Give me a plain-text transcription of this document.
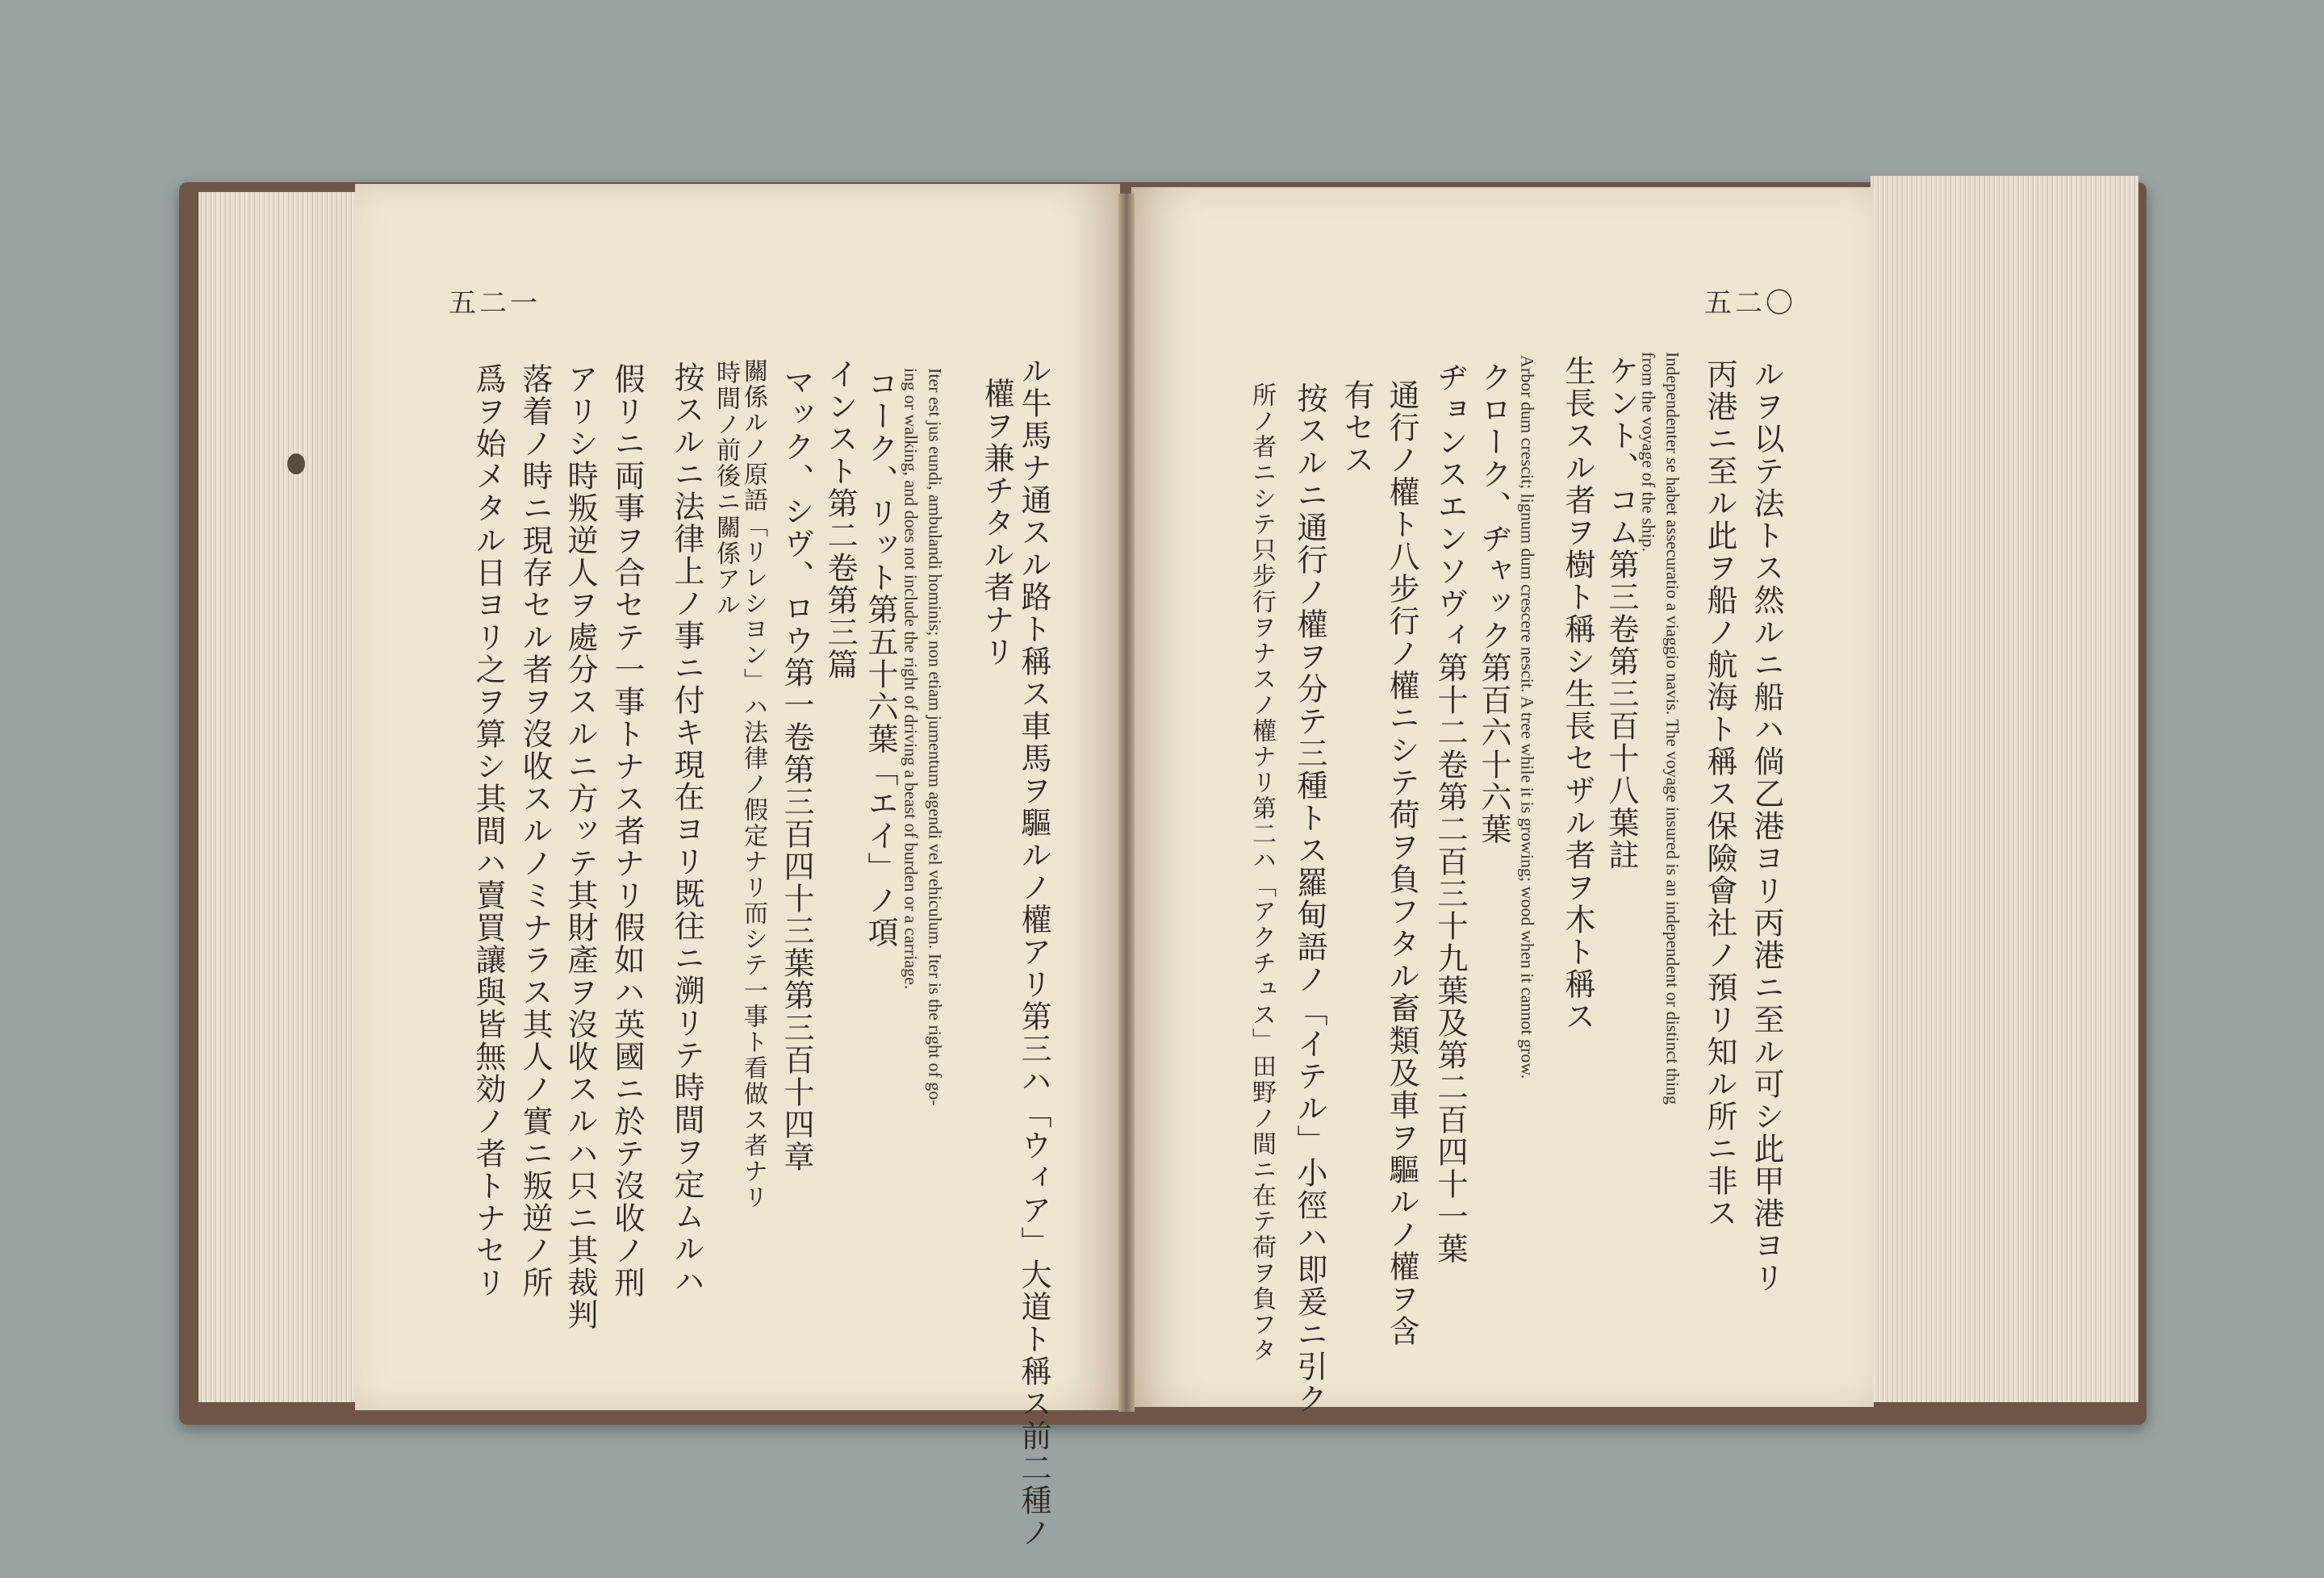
五二一
ル牛馬ナ通スル路ト稱ス車馬ヲ驅ルノ權アリ第三ハ「ウィア」大道ト稱ス前二種ノ
權ヲ兼チタル者ナリ
Iter est jus eundi, ambulandi hominis; non etiam jumentum agendi vel vehiculum. Iter is the right of go-
ing or walking, and does not include the right of driving a beast of burden or a carriage.
コーク、リット第五十六葉「エイ」ノ項
インスト第二卷第三篇
マック、シヴ、ロウ第一卷第三百四十三葉第三百十四章
關係ルノ原語「リレシヨン」ハ法律ノ假定ナリ而シテ一事ト看做ス者ナリ
時間ノ前後ニ關係アル
按スルニ法律上ノ事ニ付キ現在ヨリ既往ニ溯リテ時間ヲ定ムルハ
假リニ両事ヲ合セテ一事トナス者ナリ假如ハ英國ニ於テ沒收ノ刑
アリシ時叛逆人ヲ處分スルニ方ッテ其財產ヲ沒收スルハ只ニ其裁判
落着ノ時ニ現存セル者ヲ沒收スルノミナラス其人ノ實ニ叛逆ノ所
爲ヲ始メタル日ヨリ之ヲ算シ其間ハ賣買讓與皆無効ノ者トナセリ
五二〇
ルヲ以テ法トス然ルニ船ハ倘乙港ヨリ丙港ニ至ル可シ此甲港ヨリ
丙港ニ至ル此ヲ船ノ航海ト稱ス保險會社ノ預リ知ル所ニ非ス
Independenter se habet assecuratio a viaggio navis. The voyage insured is an independent or distinct thing
from the voyage of the ship.
ケント、コム第三卷第三百十八葉註
生長スル者ヲ樹ト稱シ生長セザル者ヲ木ト稱ス
Arbor dum crescit; lignum dum crescere nescit. A tree while it is growing; wood when it cannot grow.
クローク、ヂャック第百六十六葉
ヂョンスエンソヴィ第十二卷第二百三十九葉及第二百四十一葉
通行ノ權ト八步行ノ權ニシテ荷ヲ負フタル畜類及車ヲ驅ルノ權ヲ含
有セス
按スルニ通行ノ權ヲ分テ三種トス羅甸語ノ「イテル」小徑ハ即爰ニ引ク
所ノ者ニシテ只步行ヲナスノ權ナリ第二ハ「アクチュス」田野ノ間ニ在テ荷ヲ負フタ
